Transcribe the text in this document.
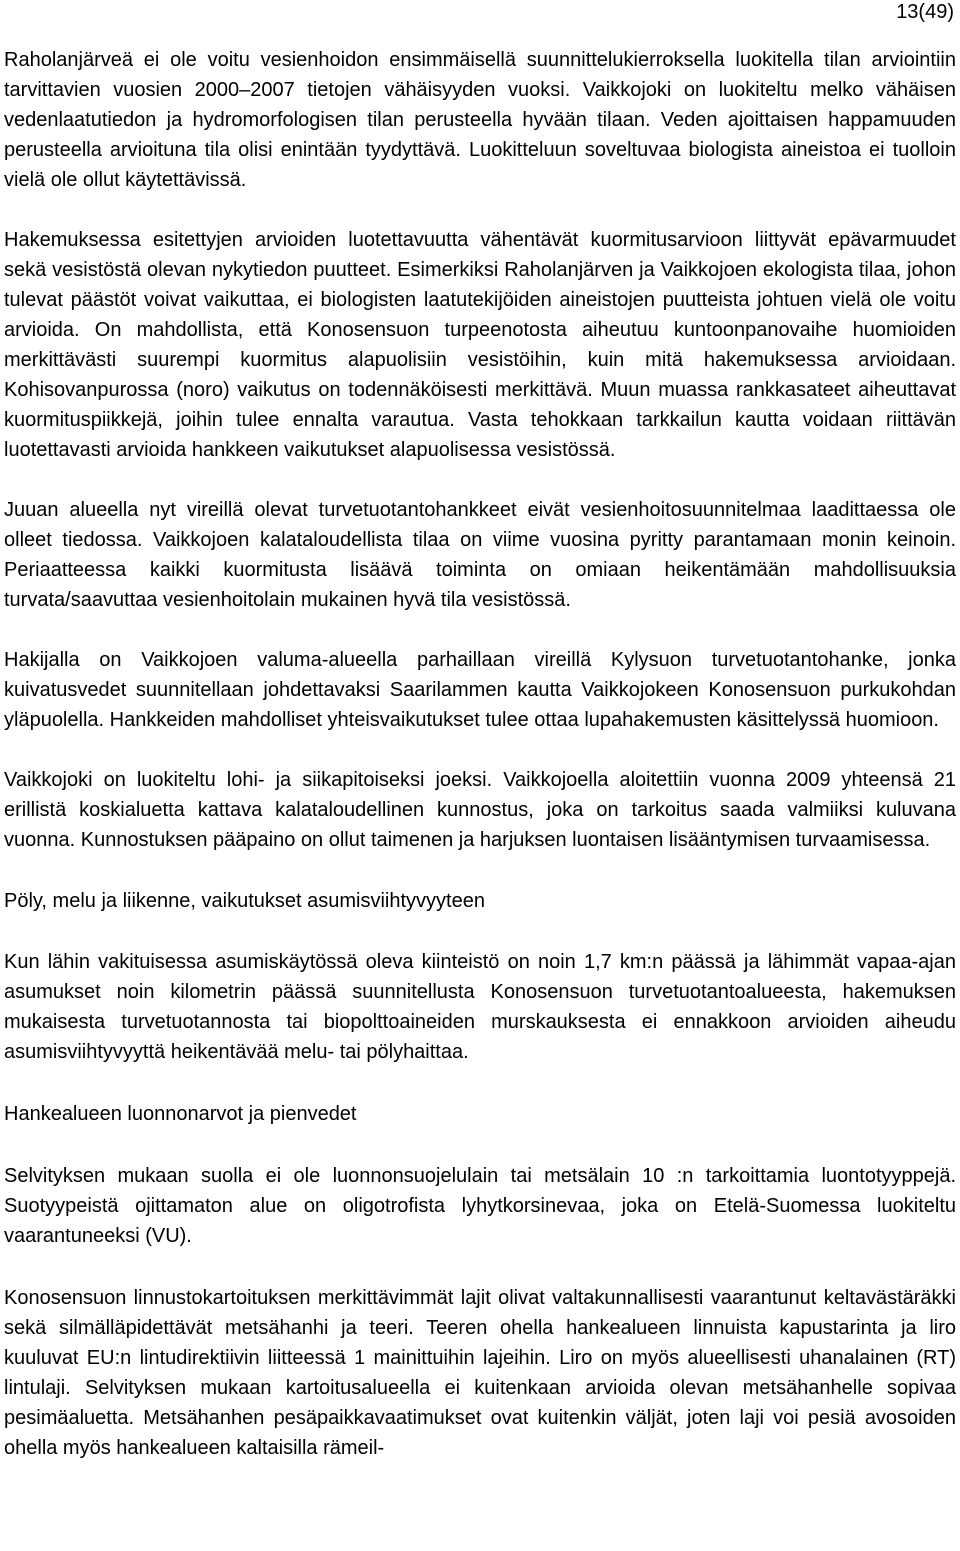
13(49)

Raholanjärveä ei ole voitu vesienhoidon ensimmäisellä suunnittelukierroksella luokitella tilan arviointiin tarvittavien vuosien 2000–2007 tietojen vähäisyyden vuoksi. Vaikkojoki on luokiteltu melko vähäisen vedenlaatutiedon ja hydromorfologisen tilan perusteella hyvään tilaan. Veden ajoittaisen happamuuden perusteella arvioituna tila olisi enintään tyydyttävä. Luokitteluun soveltuvaa biologista aineistoa ei tuolloin vielä ole ollut käytettävissä.

Hakemuksessa esitettyjen arvioiden luotettavuutta vähentävät kuormitusarvioon liittyvät epävarmuudet sekä vesistöstä olevan nykytiedon puutteet. Esimerkiksi Raholanjärven ja Vaikkojoen ekologista tilaa, johon tulevat päästöt voivat vaikuttaa, ei biologisten laatutekijöiden aineistojen puutteista johtuen vielä ole voitu arvioida. On mahdollista, että Konosensuon turpeenotosta aiheutuu kuntoonpanovaihe huomioiden merkittävästi suurempi kuormitus alapuolisiin vesistöihin, kuin mitä hakemuksessa arvioidaan. Kohisovanpurossa (noro) vaikutus on todennäköisesti merkittävä. Muun muassa rankkasateet aiheuttavat kuormituspiikkejä, joihin tulee ennalta varautua. Vasta tehokkaan tarkkailun kautta voidaan riittävän luotettavasti arvioida hankkeen vaikutukset alapuolisessa vesistössä.

Juuan alueella nyt vireillä olevat turvetuotantohankkeet eivät vesienhoitosuunnitelmaa laadittaessa ole olleet tiedossa. Vaikkojoen kalataloudellista tilaa on viime vuosina pyritty parantamaan monin keinoin. Periaatteessa kaikki kuormitusta lisäävä toiminta on omiaan heikentämään mahdollisuuksia turvata/saavuttaa vesienhoitolain mukainen hyvä tila vesistössä.

Hakijalla on Vaikkojoen valuma-alueella parhaillaan vireillä Kylysuon turvetuotantohanke, jonka kuivatusvedet suunnitellaan johdettavaksi Saarilammen kautta Vaikkojokeen Konosensuon purkukohdan yläpuolella. Hankkeiden mahdolliset yhteisvaikutukset tulee ottaa lupahakemusten käsittelyssä huomioon.

Vaikkojoki on luokiteltu lohi- ja siikapitoiseksi joeksi. Vaikkojoella aloitettiin vuonna 2009 yhteensä 21 erillistä koskialuetta kattava kalataloudellinen kunnostus, joka on tarkoitus saada valmiiksi kuluvana vuonna. Kunnostuksen pääpaino on ollut taimenen ja harjuksen luontaisen lisääntymisen turvaamisessa.

Pöly, melu ja liikenne, vaikutukset asumisviihtyvyyteen

Kun lähin vakituisessa asumiskäytössä oleva kiinteistö on noin 1,7 km:n päässä ja lähimmät vapaa-ajan asumukset noin kilometrin päässä suunnitellusta Konosensuon turvetuotantoalueesta, hakemuksen mukaisesta turvetuotannosta tai biopolttoaineiden murskauksesta ei ennakkoon arvioiden aiheudu asumisviihtyvyyttä heikentävää melu- tai pölyhaittaa.

Hankealueen luonnonarvot ja pienvedet

Selvityksen mukaan suolla ei ole luonnonsuojelulain tai metsälain 10 :n tarkoittamia luontotyyppejä. Suotyypeistä ojittamaton alue on oligotrofista lyhytkorsinevaa, joka on Etelä-Suomessa luokiteltu vaarantuneeksi (VU).

Konosensuon linnustokartoituksen merkittävimmät lajit olivat valtakunnallisesti vaarantunut keltavästäräkki sekä silmälläpidettävät metsähanhi ja teeri. Teeren ohella hankealueen linnuista kapustarinta ja liro kuuluvat EU:n lintudirektiivin liitteessä 1 mainittuihin lajeihin. Liro on myös alueellisesti uhanalainen (RT) lintulaji. Selvityksen mukaan kartoitusalueella ei kuitenkaan arvioida olevan metsähanhelle sopivaa pesimäaluetta. Metsähanhen pesäpaikkavaatimukset ovat kuitenkin väljät, joten laji voi pesiä avosoiden ohella myös hankealueen kaltaisilla rämeil-
